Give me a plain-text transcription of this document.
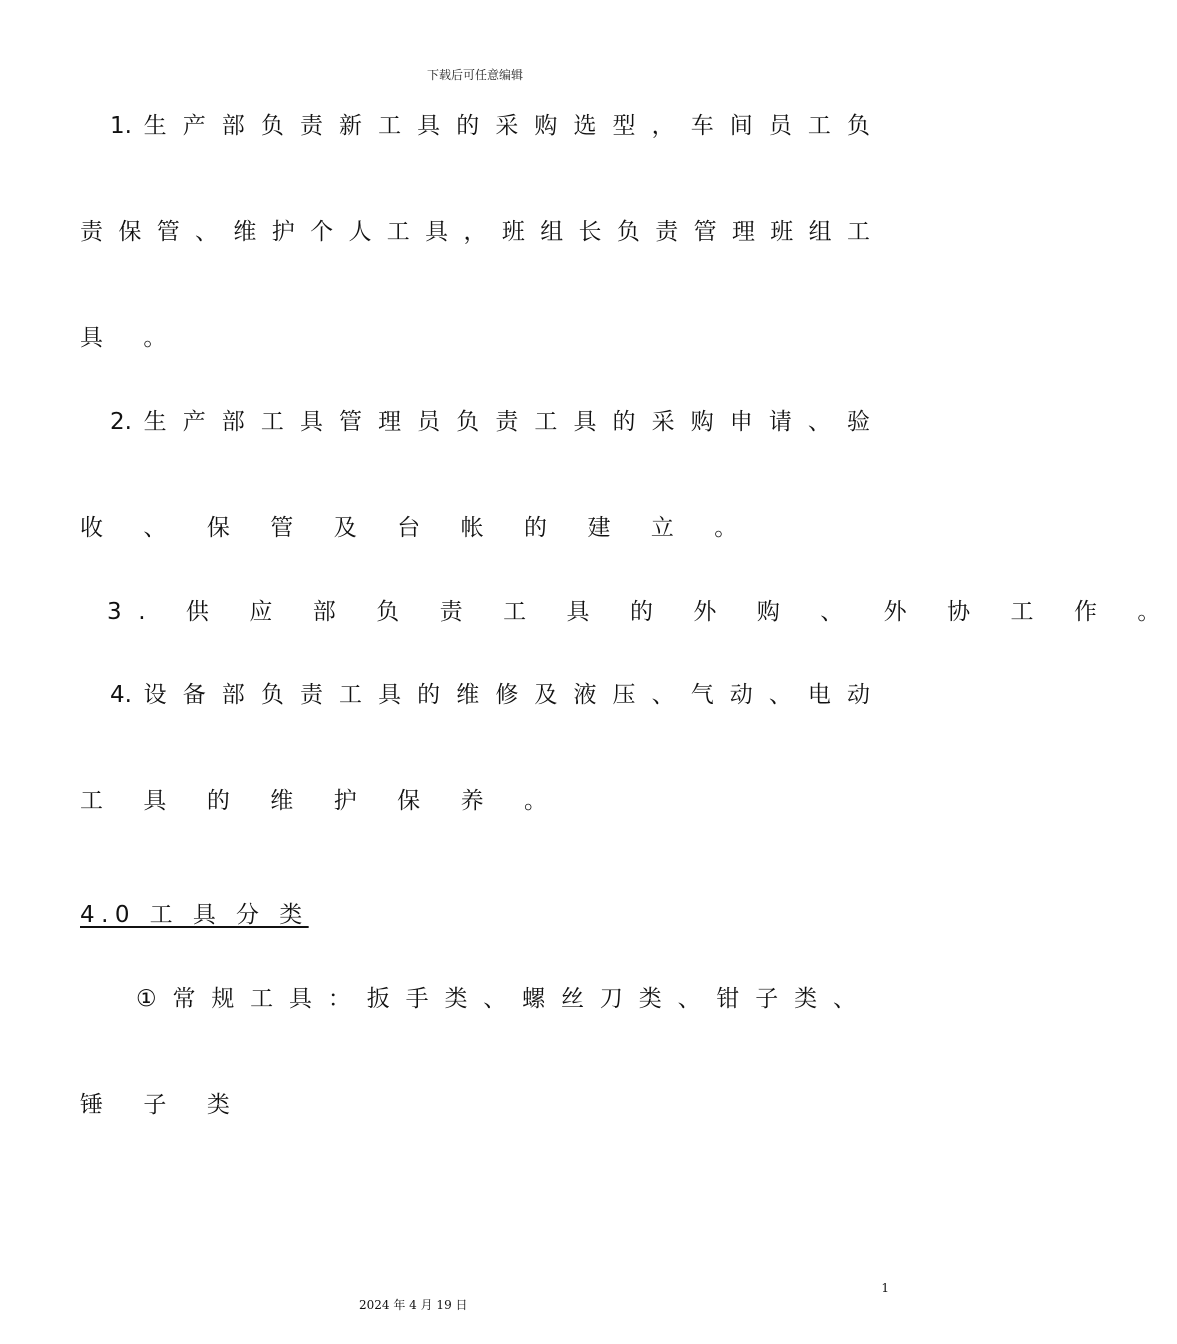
下载后可任意编辑
1. 生 产 部 负 责 新 工 具 的 采 购 选 型 ， 车 间 员 工 负
责 保 管 、 维 护 个 人 工 具 ， 班 组 长 负 责 管 理 班 组 工
具 。
2. 生 产 部 工 具 管 理 员 负 责 工 具 的 采 购 申 请 、 验
收 、 保 管 及 台 帐 的 建 立 。
3. 供 应 部 负 责 工 具 的 外 购 、 外 协 工 作 。
4. 设 备 部 负 责 工 具 的 维 修 及 液 压 、 气 动 、 电 动
工 具 的 维 护 保 养 。
4.0 工 具 分 类
① 常 规 工 具 ： 扳 手 类 、 螺 丝 刀 类 、 钳 子 类 、
锤 子 类
1
2024 年 4 月 19 日
